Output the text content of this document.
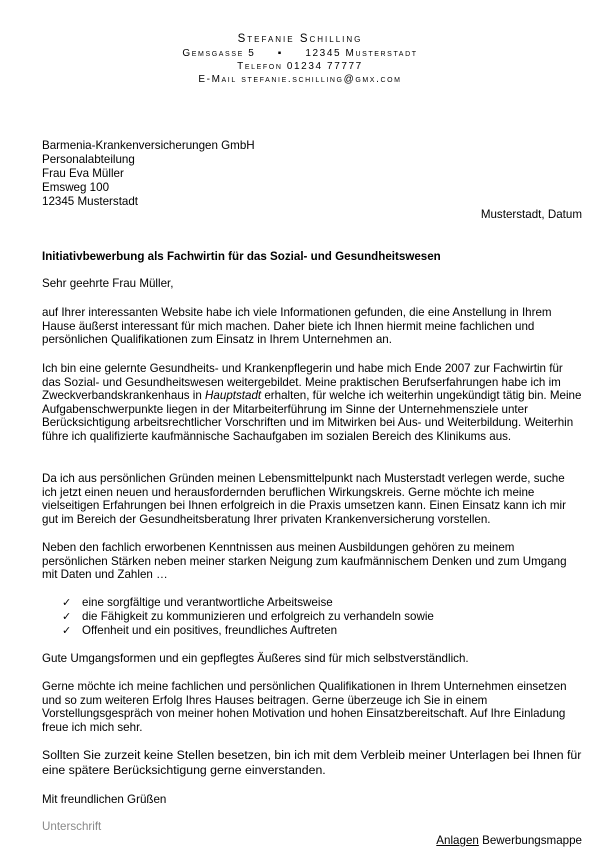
Stefanie Schilling
Gemsgasse 5 ▪ 12345 Musterstadt
Telefon 01234 77777
E-Mail stefanie.schilling@gmx.com
Barmenia-Krankenversicherungen GmbH
Personalabteilung
Frau Eva Müller
Emsweg 100
12345 Musterstadt
Musterstadt, Datum
Initiativbewerbung als Fachwirtin für das Sozial- und Gesundheitswesen
Sehr geehrte Frau Müller,
auf Ihrer interessanten Website habe ich viele Informationen gefunden, die eine Anstellung in Ihrem Hause äußerst interessant für mich machen. Daher biete ich Ihnen hiermit meine fachlichen und persönlichen Qualifikationen zum Einsatz in Ihrem Unternehmen an.
Ich bin eine gelernte Gesundheits- und Krankenpflegerin und habe mich Ende 2007 zur Fachwirtin für das Sozial- und Gesundheitswesen weitergebildet. Meine praktischen Berufserfahrungen habe ich im Zweckverbandskrankenhaus in Hauptstadt erhalten, für welche ich weiterhin ungekündigt tätig bin. Meine Aufgabenschwerpunkte liegen in der Mitarbeiterführung im Sinne der Unternehmensziele unter Berücksichtigung arbeitsrechtlicher Vorschriften und im Mitwirken bei Aus- und Weiterbildung. Weiterhin führe ich qualifizierte kaufmännische Sachaufgaben im sozialen Bereich des Klinikums aus.
Da ich aus persönlichen Gründen meinen Lebensmittelpunkt nach Musterstadt verlegen werde, suche ich jetzt einen neuen und herausfordernden beruflichen Wirkungskreis. Gerne möchte ich meine vielseitigen Erfahrungen bei Ihnen erfolgreich in die Praxis umsetzen kann. Einen Einsatz kann ich mir gut im Bereich der Gesundheitsberatung Ihrer privaten Krankenversicherung vorstellen.
Neben den fachlich erworbenen Kenntnissen aus meinen Ausbildungen gehören zu meinem persönlichen Stärken neben meiner starken Neigung zum kaufmännischem Denken und zum Umgang mit Daten und Zahlen …
✓ eine sorgfältige und verantwortliche Arbeitsweise
✓ die Fähigkeit zu kommunizieren und erfolgreich zu verhandeln sowie
✓ Offenheit und ein positives, freundliches Auftreten
Gute Umgangsformen und ein gepflegtes Äußeres sind für mich selbstverständlich.
Gerne möchte ich meine fachlichen und persönlichen Qualifikationen in Ihrem Unternehmen einsetzen und so zum weiteren Erfolg Ihres Hauses beitragen. Gerne überzeuge ich Sie in einem Vorstellungsgespräch von meiner hohen Motivation und hohen Einsatzbereitschaft. Auf Ihre Einladung freue ich mich sehr.
Sollten Sie zurzeit keine Stellen besetzen, bin ich mit dem Verbleib meiner Unterlagen bei Ihnen für eine spätere Berücksichtigung gerne einverstanden.
Mit freundlichen Grüßen
Unterschrift
Anlagen Bewerbungsmappe
